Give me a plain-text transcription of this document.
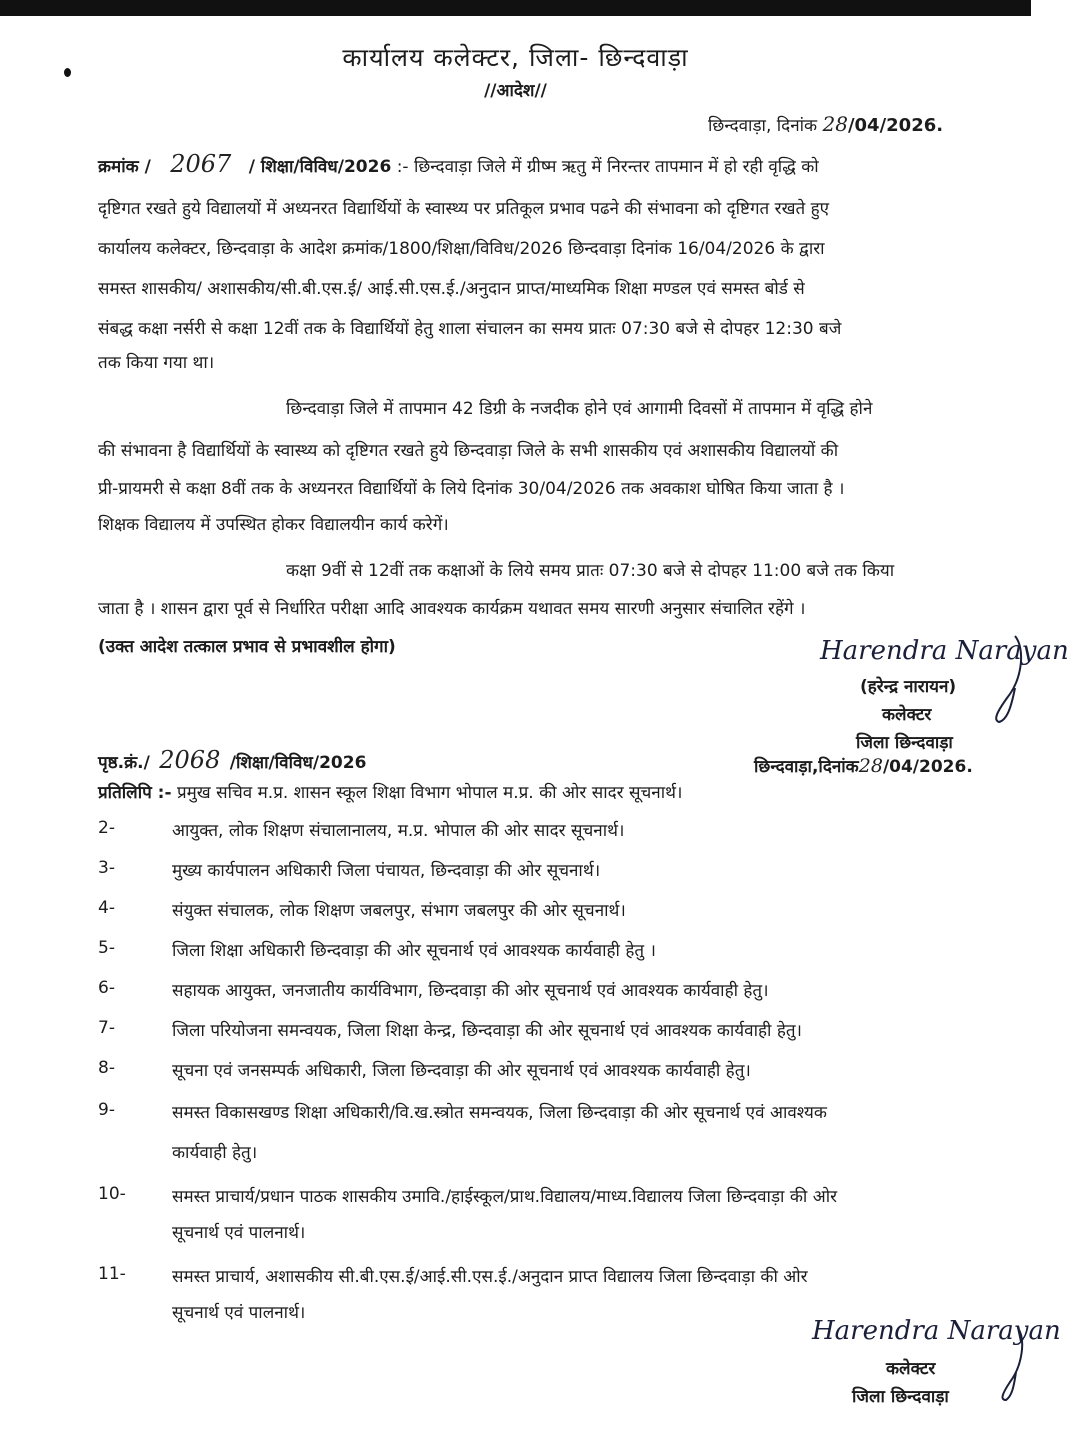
कार्यालय कलेक्टर, जिला- छिन्दवाड़ा
//आदेश//
छिन्दवाड़ा, दिनांक 28/04/2026.
क्रमांक / 2067 / शिक्षा/विविध/2026 :- छिन्दवाड़ा जिले में ग्रीष्म ऋतु में निरन्तर तापमान में हो रही वृद्धि को
दृष्टिगत रखते हुये विद्यालयों में अध्यनरत विद्यार्थियों के स्वास्थ्य पर प्रतिकूल प्रभाव पढने की संभावना को दृष्टिगत रखते हुए
कार्यालय कलेक्टर, छिन्दवाड़ा के आदेश क्रमांक/1800/शिक्षा/विविध/2026 छिन्दवाड़ा दिनांक 16/04/2026 के द्वारा
समस्त शासकीय/ अशासकीय/सी.बी.एस.ई/ आई.सी.एस.ई./अनुदान प्राप्त/माध्यमिक शिक्षा मण्डल एवं समस्त बोर्ड से
संबद्ध कक्षा नर्सरी से कक्षा 12वीं तक के विद्यार्थियों हेतु शाला संचालन का समय प्रातः 07:30 बजे से दोपहर 12:30 बजे
तक किया गया था।
छिन्दवाड़ा जिले में तापमान 42 डिग्री के नजदीक होने एवं आगामी दिवसों में तापमान में वृद्धि होने
की संभावना है विद्यार्थियों के स्वास्थ्य को दृष्टिगत रखते हुये छिन्दवाड़ा जिले के सभी शासकीय एवं अशासकीय विद्यालयों की
प्री-प्रायमरी से कक्षा 8वीं तक के अध्यनरत विद्यार्थियों के लिये दिनांक 30/04/2026 तक अवकाश घोषित किया जाता है ।
शिक्षक विद्यालय में उपस्थित होकर विद्यालयीन कार्य करेगें।
कक्षा 9वीं से 12वीं तक कक्षाओं के लिये समय प्रातः 07:30 बजे से दोपहर 11:00 बजे तक किया
जाता है । शासन द्वारा पूर्व से निर्धारित परीक्षा आदि आवश्यक कार्यक्रम यथावत समय सारणी अनुसार संचालित रहेंगे ।
(उक्त आदेश तत्काल प्रभाव से प्रभावशील होगा)	Harendra Narayan
(हरेन्द्र नारायन)
कलेक्टर
जिला छिन्दवाड़ा
पृष्ठ.क्रं./ 2068 /शिक्षा/विविध/2026	छिन्दवाड़ा,दिनांक28/04/2026.
प्रतिलिपि :- प्रमुख सचिव म.प्र. शासन स्कूल शिक्षा विभाग भोपाल म.प्र. की ओर सादर सूचनार्थ।
2-	आयुक्त, लोक शिक्षण संचालानालय, म.प्र. भोपाल की ओर सादर सूचनार्थ।
3-	मुख्य कार्यपालन अधिकारी जिला पंचायत, छिन्दवाड़ा की ओर सूचनार्थ।
4-	संयुक्त संचालक, लोक शिक्षण जबलपुर, संभाग जबलपुर की ओर सूचनार्थ।
5-	जिला शिक्षा अधिकारी छिन्दवाड़ा की ओर सूचनार्थ एवं आवश्यक कार्यवाही हेतु ।
6-	सहायक आयुक्त, जनजातीय कार्यविभाग, छिन्दवाड़ा की ओर सूचनार्थ एवं आवश्यक कार्यवाही हेतु।
7-	जिला परियोजना समन्वयक, जिला शिक्षा केन्द्र, छिन्दवाड़ा की ओर सूचनार्थ एवं आवश्यक कार्यवाही हेतु।
8-	सूचना एवं जनसम्पर्क अधिकारी, जिला छिन्दवाड़ा की ओर सूचनार्थ एवं आवश्यक कार्यवाही हेतु।
9-	समस्त विकासखण्ड शिक्षा अधिकारी/वि.ख.स्त्रोत समन्वयक, जिला छिन्दवाड़ा की ओर सूचनार्थ एवं आवश्यक
कार्यवाही हेतु।
10-	समस्त प्राचार्य/प्रधान पाठक शासकीय उमावि./हाईस्कूल/प्राथ.विद्यालय/माध्य.विद्यालय जिला छिन्दवाड़ा की ओर
सूचनार्थ एवं पालनार्थ।
11-	समस्त प्राचार्य, अशासकीय सी.बी.एस.ई/आई.सी.एस.ई./अनुदान प्राप्त विद्यालय जिला छिन्दवाड़ा की ओर
सूचनार्थ एवं पालनार्थ।
Harendra Narayan
कलेक्टर
जिला छिन्दवाड़ा
